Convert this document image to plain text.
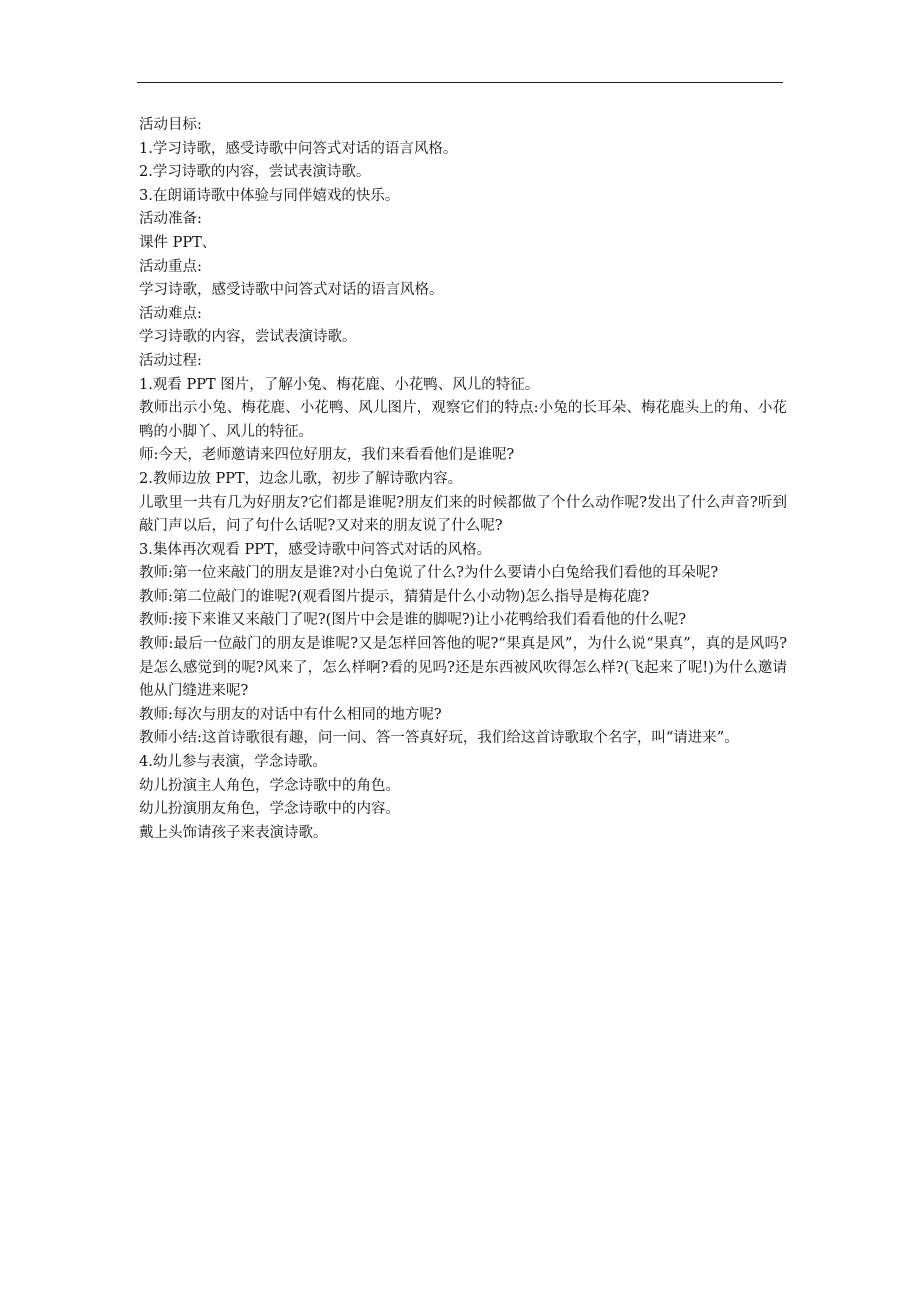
活动目标:

1.学习诗歌，感受诗歌中问答式对话的语言风格。

2.学习诗歌的内容，尝试表演诗歌。

3.在朗诵诗歌中体验与同伴嬉戏的快乐。

活动准备:

课件 PPT、

活动重点:

学习诗歌，感受诗歌中问答式对话的语言风格。

活动难点:

学习诗歌的内容，尝试表演诗歌。

活动过程:

1.观看 PPT 图片，了解小兔、梅花鹿、小花鸭、风儿的特征。

教师出示小兔、梅花鹿、小花鸭、风儿图片，观察它们的特点:小兔的长耳朵、梅花鹿头上的角、小花鸭的小脚丫、风儿的特征。

师:今天，老师邀请来四位好朋友，我们来看看他们是谁呢?

2.教师边放 PPT，边念儿歌，初步了解诗歌内容。

儿歌里一共有几为好朋友?它们都是谁呢?朋友们来的时候都做了个什么动作呢?发出了什么声音?听到敲门声以后，问了句什么话呢?又对来的朋友说了什么呢?

3.集体再次观看 PPT，感受诗歌中问答式对话的风格。

教师:第一位来敲门的朋友是谁?对小白兔说了什么?为什么要请小白兔给我们看他的耳朵呢?

教师:第二位敲门的谁呢?(观看图片提示，猜猜是什么小动物)怎么指导是梅花鹿?

教师:接下来谁又来敲门了呢?(图片中会是谁的脚呢?)让小花鸭给我们看看他的什么呢?

教师:最后一位敲门的朋友是谁呢?又是怎样回答他的呢?“果真是风”，为什么说“果真”，真的是风吗?是怎么感觉到的呢?风来了，怎么样啊?看的见吗?还是东西被风吹得怎么样?(飞起来了呢!)为什么邀请他从门缝进来呢?

教师:每次与朋友的对话中有什么相同的地方呢?

教师小结:这首诗歌很有趣，问一问、答一答真好玩，我们给这首诗歌取个名字，叫“请进来”。

4.幼儿参与表演，学念诗歌。

幼儿扮演主人角色，学念诗歌中的角色。

幼儿扮演朋友角色，学念诗歌中的内容。

戴上头饰请孩子来表演诗歌。
